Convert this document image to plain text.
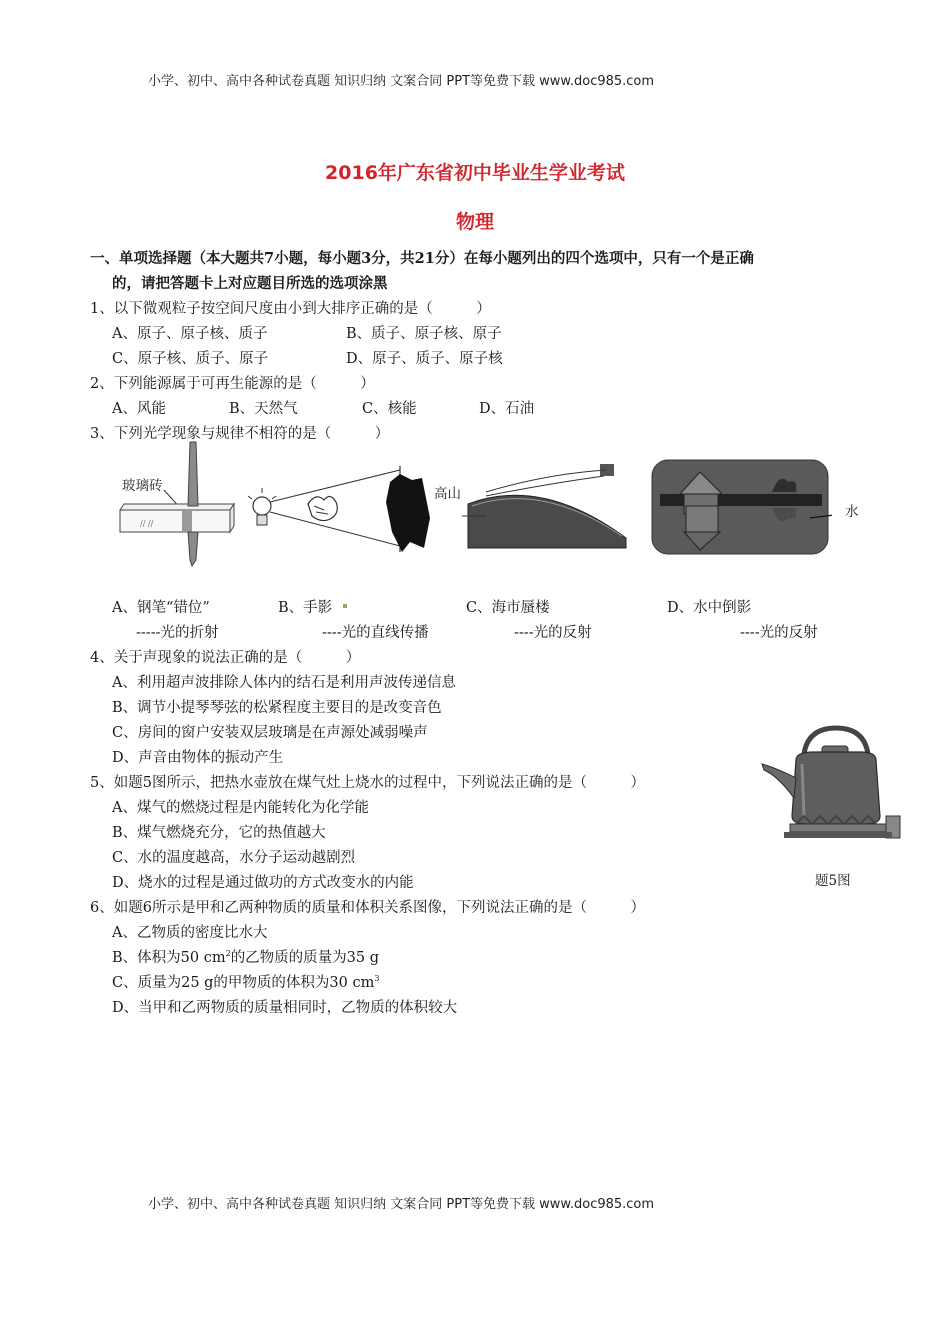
小学、初中、高中各种试卷真题 知识归纳 文案合同 PPT等免费下载 www.doc985.com
2016年广东省初中毕业生学业考试
物理
一、单项选择题（本大题共7小题，每小题3分，共21分）在每小题列出的四个选项中，只有一个是正确
的，请把答题卡上对应题目所选的选项涂黑
1、以下微观粒子按空间尺度由小到大排序正确的是（　　　）
A、原子、原子核、质子	B、质子、原子核、原子
C、原子核、质子、原子	D、原子、质子、原子核
2、下列能源属于可再生能源的是（　　　）
A、风能	B、天然气	C、核能	D、石油
3、下列光学现象与规律不相符的是（　　　）
玻璃砖
// //
高山
水
A、钢笔“错位”	B、手影	C、海市蜃楼	D、水中倒影
-----光的折射	----光的直线传播	----光的反射	----光的反射
4、关于声现象的说法正确的是（　　　）
A、利用超声波排除人体内的结石是利用声波传递信息
B、调节小提琴琴弦的松紧程度主要目的是改变音色
C、房间的窗户安装双层玻璃是在声源处减弱噪声
D、声音由物体的振动产生
5、如题5图所示，把热水壶放在煤气灶上烧水的过程中，下列说法正确的是（　　　）
A、煤气的燃烧过程是内能转化为化学能
B、煤气燃烧充分，它的热值越大
C、水的温度越高，水分子运动越剧烈
D、烧水的过程是通过做功的方式改变水的内能	题5图
6、如题6所示是甲和乙两种物质的质量和体积关系图像，下列说法正确的是（　　　）
A、乙物质的密度比水大
B、体积为50 $cm^2$的乙物质的质量为35 g
C、质量为25 g的甲物质的体积为30 $cm^3$
D、当甲和乙两物质的质量相同时，乙物质的体积较大
小学、初中、高中各种试卷真题 知识归纳 文案合同 PPT等免费下载 www.doc985.com
